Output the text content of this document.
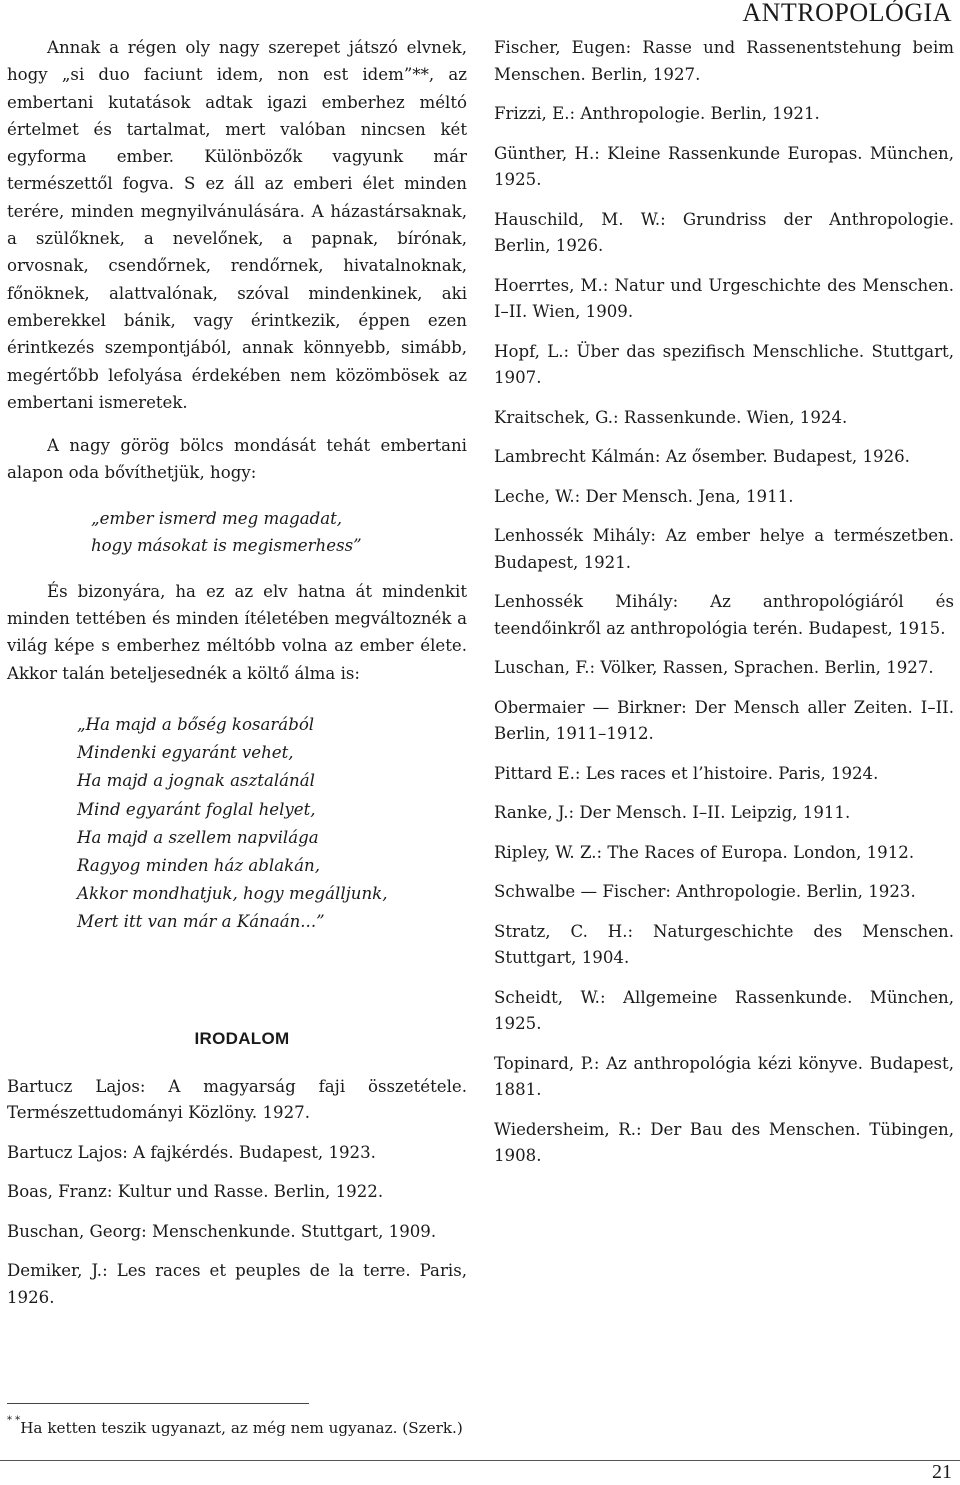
ANTROPOLÓGIA

Annak a régen oly nagy szerepet játszó elvnek, hogy „si duo faciunt idem, non est idem”**, az embertani kutatások adtak igazi emberhez méltó értelmet és tartalmat, mert valóban nincsen két egyforma ember. Különbözők vagyunk már természettől fogva. S ez áll az emberi élet minden terére, minden megnyilvánulására. A házastársaknak, a szülőknek, a nevelőnek, a papnak, bírónak, orvosnak, csendőrnek, rendőrnek, hivatalnoknak, főnöknek, alattvalónak, szóval mindenkinek, aki emberekkel bánik, vagy érintkezik, éppen ezen érintkezés szempontjából, annak könnyebb, simább, megértőbb lefolyása érdekében nem közömbösek az embertani ismeretek.

A nagy görög bölcs mondását tehát embertani alapon oda bővíthetjük, hogy:

„ember ismerd meg magadat,
hogy másokat is megismerhess”

És bizonyára, ha ez az elv hatna át mindenkit minden tettében és minden ítéletében megváltoznék a világ képe s emberhez méltóbb volna az ember élete. Akkor talán beteljesednék a költő álma is:

„Ha majd a bőség kosarából
Mindenki egyaránt vehet,
Ha majd a jognak asztalánál
Mind egyaránt foglal helyet,
Ha majd a szellem napvilága
Ragyog minden ház ablakán,
Akkor mondhatjuk, hogy megálljunk,
Mert itt van már a Kánaán...”
IRODALOM

Bartucz Lajos: A magyarság faji összetétele. Természettudományi Közlöny. 1927.

Bartucz Lajos: A fajkérdés. Budapest, 1923.

Boas, Franz: Kultur und Rasse. Berlin, 1922.

Buschan, Georg: Menschenkunde. Stuttgart, 1909.

Demiker, J.: Les races et peuples de la terre. Paris, 1926.

Fischer, Eugen: Rasse und Rassenentstehung beim Menschen. Berlin, 1927.

Frizzi, E.: Anthropologie. Berlin, 1921.

Günther, H.: Kleine Rassenkunde Europas. München, 1925.

Hauschild, M. W.: Grundriss der Anthropologie. Berlin, 1926.

Hoerrtes, M.: Natur und Urgeschichte des Menschen. I–II. Wien, 1909.

Hopf, L.: Über das spezifisch Menschliche. Stuttgart, 1907.

Kraitschek, G.: Rassenkunde. Wien, 1924.

Lambrecht Kálmán: Az ősember. Budapest, 1926.

Leche, W.: Der Mensch. Jena, 1911.

Lenhossék Mihály: Az ember helye a természetben. Budapest, 1921.

Lenhossék Mihály: Az anthropológiáról és teendőinkről az anthropológia terén. Budapest, 1915.

Luschan, F.: Völker, Rassen, Sprachen. Berlin, 1927.

Obermaier — Birkner: Der Mensch aller Zeiten. I–II. Berlin, 1911–1912.

Pittard E.: Les races et l’histoire. Paris, 1924.

Ranke, J.: Der Mensch. I–II. Leipzig, 1911.

Ripley, W. Z.: The Races of Europa. London, 1912.

Schwalbe — Fischer: Anthropologie. Berlin, 1923.

Stratz, C. H.: Naturgeschichte des Menschen. Stuttgart, 1904.

Scheidt, W.: Allgemeine Rassenkunde. München, 1925.

Topinard, P.: Az anthropológia kézi könyve. Budapest, 1881.

Wiedersheim, R.: Der Bau des Menschen. Tübingen, 1908.

* *Ha ketten teszik ugyanazt, az még nem ugyanaz. (Szerk.)
21
